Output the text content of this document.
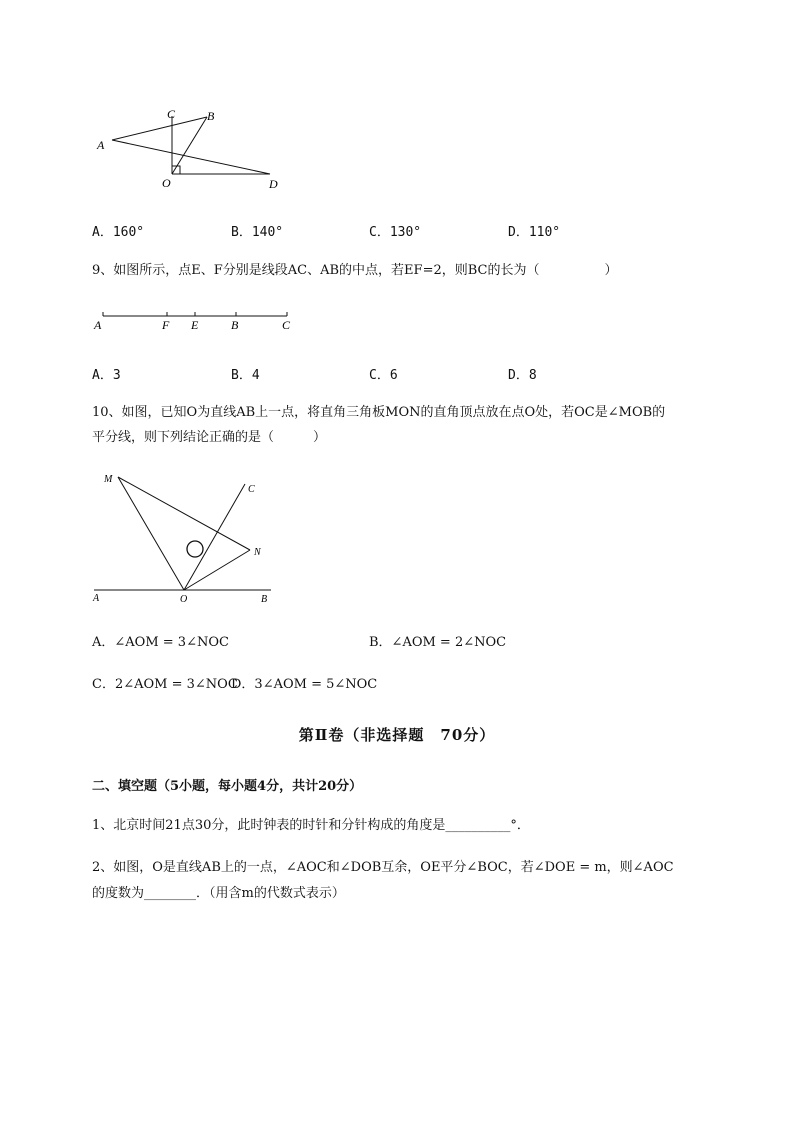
A
B
C
O	D
A．160°	B．140°	C．130°	D．110°
9、如图所示，点E、F分别是线段AC、AB的中点，若EF=2，则BC的长为（　　　　　）
A	F E	B	C
A．3	B．4	C．6	D．8
10、如图，已知O为直线AB上一点，将直角三角板MON的直角顶点放在点O处，若OC是∠MOB的
平分线，则下列结论正确的是（　　　）
M
C
N
A	O	B
A．∠AOM = 3∠NOC	B．∠AOM = 2∠NOC
C．2∠AOM = 3∠NOC
D．3∠AOM = 5∠NOC
第Ⅱ卷（非选择题　70分）
二、填空题（5小题，每小题4分，共计20分）
1、北京时间21点30分，此时钟表的时针和分针构成的角度是__________°．
2、如图，O是直线AB上的一点，∠AOC和∠DOB互余，OE平分∠BOC，若∠DOE = m，则∠AOC
的度数为________．（用含m的代数式表示）
